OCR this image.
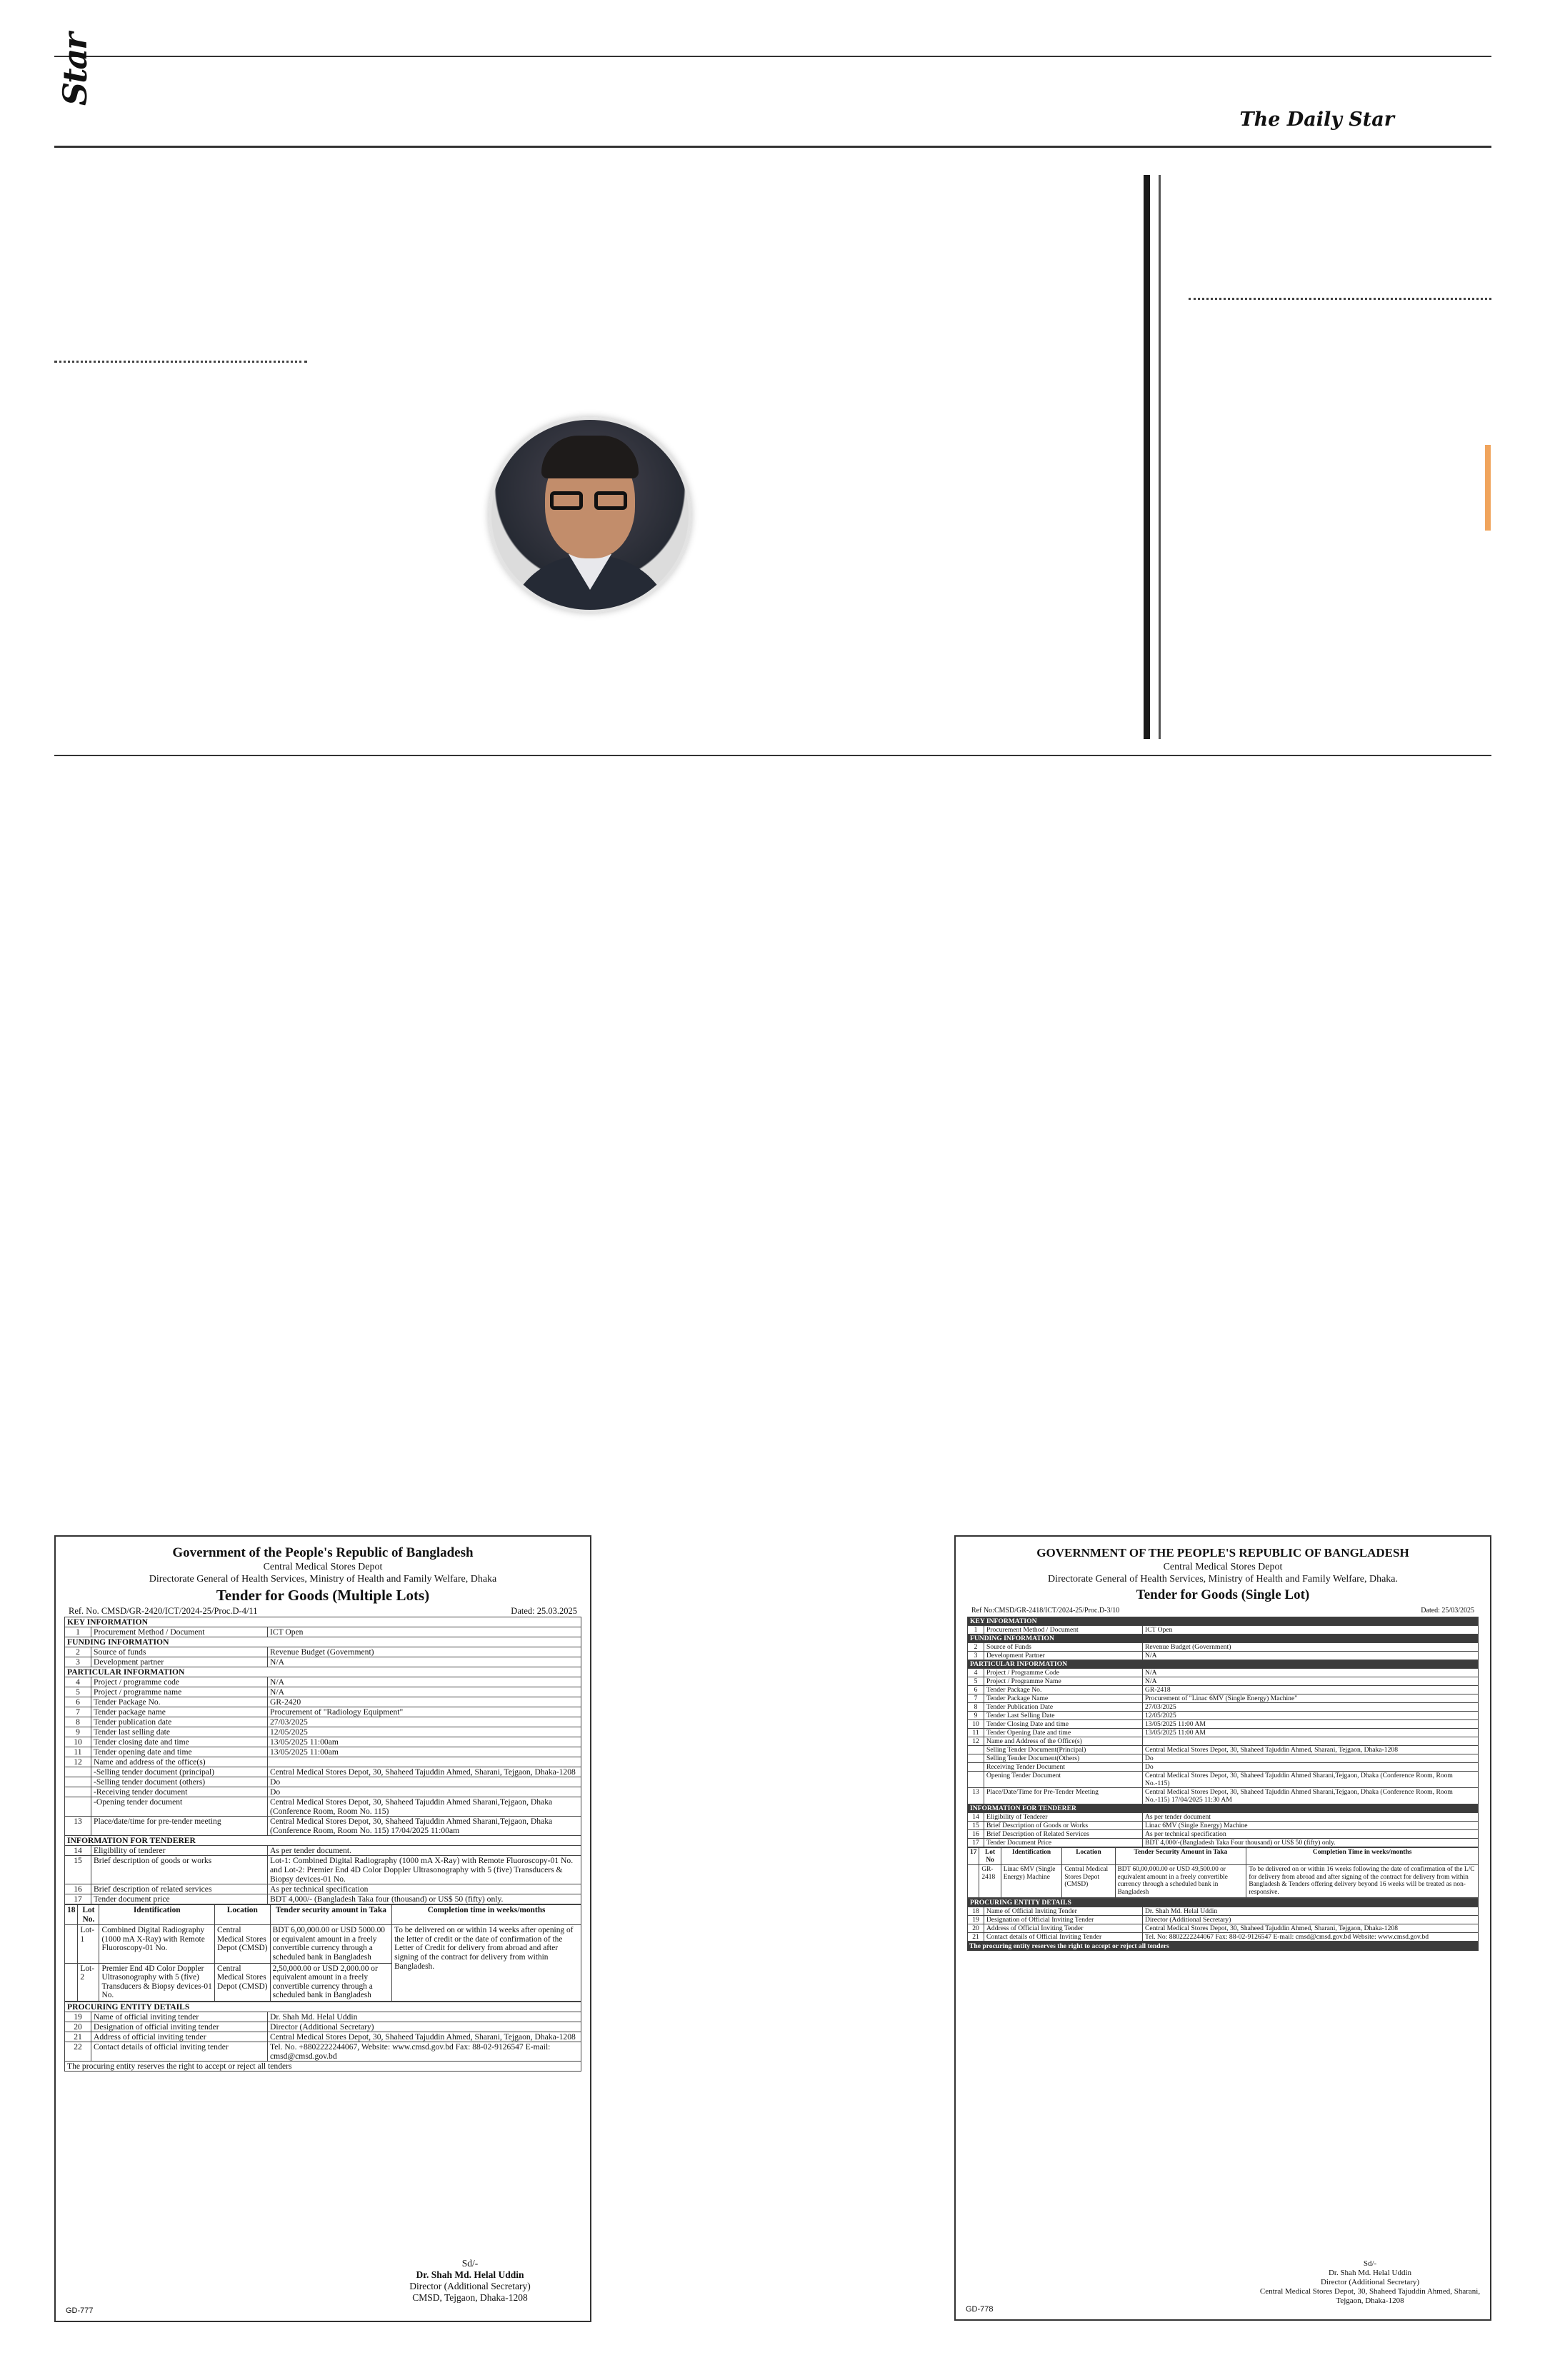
Star
The Daily Star

Government of the People's Republic of Bangladesh

Central Medical Stores Depot

Directorate General of Health Services, Ministry of Health and Family Welfare, Dhaka

Tender for Goods (Multiple Lots)

Ref. No. CMSD/GR-2420/ICT/2024-25/Proc.D-4/11	Dated: 25.03.2025
KEY INFORMATION		
1	Procurement Method / Document	ICT Open
FUNDING INFORMATION		
2	Source of funds	Revenue Budget (Government)
3	Development partner	N/A
PARTICULAR INFORMATION		
4	Project / programme code	N/A
5	Project / programme name	N/A
6	Tender Package No.	GR-2420
7	Tender package name	Procurement of "Radiology Equipment"
8	Tender publication date	27/03/2025
9	Tender last selling date	12/05/2025
10	Tender closing date and time	13/05/2025 11:00am
11	Tender opening date and time	13/05/2025 11:00am
12	Name and address of the office(s)	
	-Selling tender document (principal)	Central Medical Stores Depot, 30, Shaheed Tajuddin Ahmed, Sharani, Tejgaon, Dhaka-1208
	-Selling tender document (others)	Do
	-Receiving tender document	Do
	-Opening tender document	Central Medical Stores Depot, 30, Shaheed Tajuddin Ahmed Sharani,Tejgaon, Dhaka (Conference Room, Room No. 115)
13	Place/date/time for pre-tender meeting	Central Medical Stores Depot, 30, Shaheed Tajuddin Ahmed Sharani,Tejgaon, Dhaka (Conference Room, Room No. 115) 17/04/2025 11:00am
INFORMATION FOR TENDERER		
14	Eligibility of tenderer	As per tender document.
15	Brief description of goods or works	Lot-1: Combined Digital Radiography (1000 mA X-Ray) with Remote Fluoroscopy-01 No. and Lot-2: Premier End 4D Color Doppler Ultrasonography with 5 (five) Transducers & Biopsy devices-01 No.
16	Brief description of related services	As per technical specification
17	Tender document price	BDT 4,000/- (Bangladesh Taka four (thousand) or US$ 50 (fifty) only.
18	Lot No.	Identification	Location	Tender security amount in Taka	Completion time in weeks/months
	Lot-1	Combined Digital Radiography (1000 mA X-Ray) with Remote Fluoroscopy-01 No.	Central Medical Stores Depot (CMSD)	BDT 6,00,000.00 or USD 5000.00 or equivalent amount in a freely convertible currency through a scheduled bank in Bangladesh	To be delivered on or within 14 weeks after opening of the letter of credit or the date of confirmation of the Letter of Credit for delivery from abroad and after signing of the contract for delivery from within Bangladesh.
	Lot-2	Premier End 4D Color Doppler Ultrasonography with 5 (five) Transducers & Biopsy devices-01 No.	Central Medical Stores Depot (CMSD)	2,50,000.00 or USD 2,000.00 or equivalent amount in a freely convertible currency through a scheduled bank in Bangladesh	
PROCURING ENTITY DETAILS		
19	Name of official inviting tender	Dr. Shah Md. Helal Uddin
20	Designation of official inviting tender	Director (Additional Secretary)
21	Address of official inviting tender	Central Medical Stores Depot, 30, Shaheed Tajuddin Ahmed, Sharani, Tejgaon, Dhaka-1208
22	Contact details of official inviting tender	Tel. No. +8802222244067, Website: www.cmsd.gov.bd Fax: 88-02-9126547 E-mail: cmsd@cmsd.gov.bd
The procuring entity reserves the right to accept or reject all tenders		
Sd/-
Dr. Shah Md. Helal Uddin
Director (Additional Secretary)
CMSD, Tejgaon, Dhaka-1208
GD-777

GOVERNMENT OF THE PEOPLE'S REPUBLIC OF BANGLADESH

Central Medical Stores Depot

Directorate General of Health Services, Ministry of Health and Family Welfare, Dhaka.

Tender for Goods (Single Lot)

Ref No:CMSD/GR-2418/ICT/2024-25/Proc.D-3/10	Dated: 25/03/2025
KEY INFORMATION		
1	Procurement Method / Document	ICT Open
FUNDING INFORMATION		
2	Source of Funds	Revenue Budget (Government)
3	Development Partner	N/A
PARTICULAR INFORMATION		
4	Project / Programme Code	N/A
5	Project / Programme Name	N/A
6	Tender Package No.	GR-2418
7	Tender Package Name	Procurement of "Linac 6MV (Single Energy) Machine"
8	Tender Publication Date	27/03/2025
9	Tender Last Selling Date	12/05/2025
10	Tender Closing Date and time	13/05/2025 11:00 AM
11	Tender Opening Date and time	13/05/2025 11:00 AM
12	Name and Address of the Office(s)	
	Selling Tender Document(Principal)	Central Medical Stores Depot, 30, Shaheed Tajuddin Ahmed, Sharani, Tejgaon, Dhaka-1208
	Selling Tender Document(Others)	Do
	Receiving Tender Document	Do
	Opening Tender Document	Central Medical Stores Depot, 30, Shaheed Tajuddin Ahmed Sharani,Tejgaon, Dhaka (Conference Room, Room No.-115)
13	Place/Date/Time for Pre-Tender Meeting	Central Medical Stores Depot, 30, Shaheed Tajuddin Ahmed Sharani,Tejgaon, Dhaka (Conference Room, Room No.-115) 17/04/2025 11:30 AM
INFORMATION FOR TENDERER		
14	Eligibility of Tenderer	As per tender document
15	Brief Description of Goods or Works	Linac 6MV (Single Energy) Machine
16	Brief Description of Related Services	As per technical specification
17	Tender Document Price	BDT 4,000/-(Bangladesh Taka Four thousand) or US$ 50 (fifty) only.
17	Lot No	Identification	Location	Tender Security Amount in Taka	Completion Time in weeks/months
	GR-2418	Linac 6MV (Single Energy) Machine	Central Medical Stores Depot (CMSD)	BDT 60,00,000.00 or USD 49,500.00 or equivalent amount in a freely convertible currency through a scheduled bank in Bangladesh	To be delivered on or within 16 weeks following the date of confirmation of the L/C for delivery from abroad and after signing of the contract for delivery from within Bangladesh & Tenders offering delivery beyond 16 weeks will be treated as non-responsive.
PROCURING ENTITY DETAILS		
18	Name of Official Inviting Tender	Dr. Shah Md. Helal Uddin
19	Designation of Official Inviting Tender	Director (Additional Secretary)
20	Address of Official Inviting Tender	Central Medical Stores Depot, 30, Shaheed Tajuddin Ahmed, Sharani, Tejgaon, Dhaka-1208
21	Contact details of Official Inviting Tender	Tel. No: 8802222244067 Fax: 88-02-9126547 E-mail: cmsd@cmsd.gov.bd Website: www.cmsd.gov.bd
The procuring entity reserves the right to accept or reject all tenders
Sd/-
Dr. Shah Md. Helal Uddin
Director (Additional Secretary)
Central Medical Stores Depot, 30, Shaheed Tajuddin Ahmed, Sharani, Tejgaon, Dhaka-1208
GD-778
